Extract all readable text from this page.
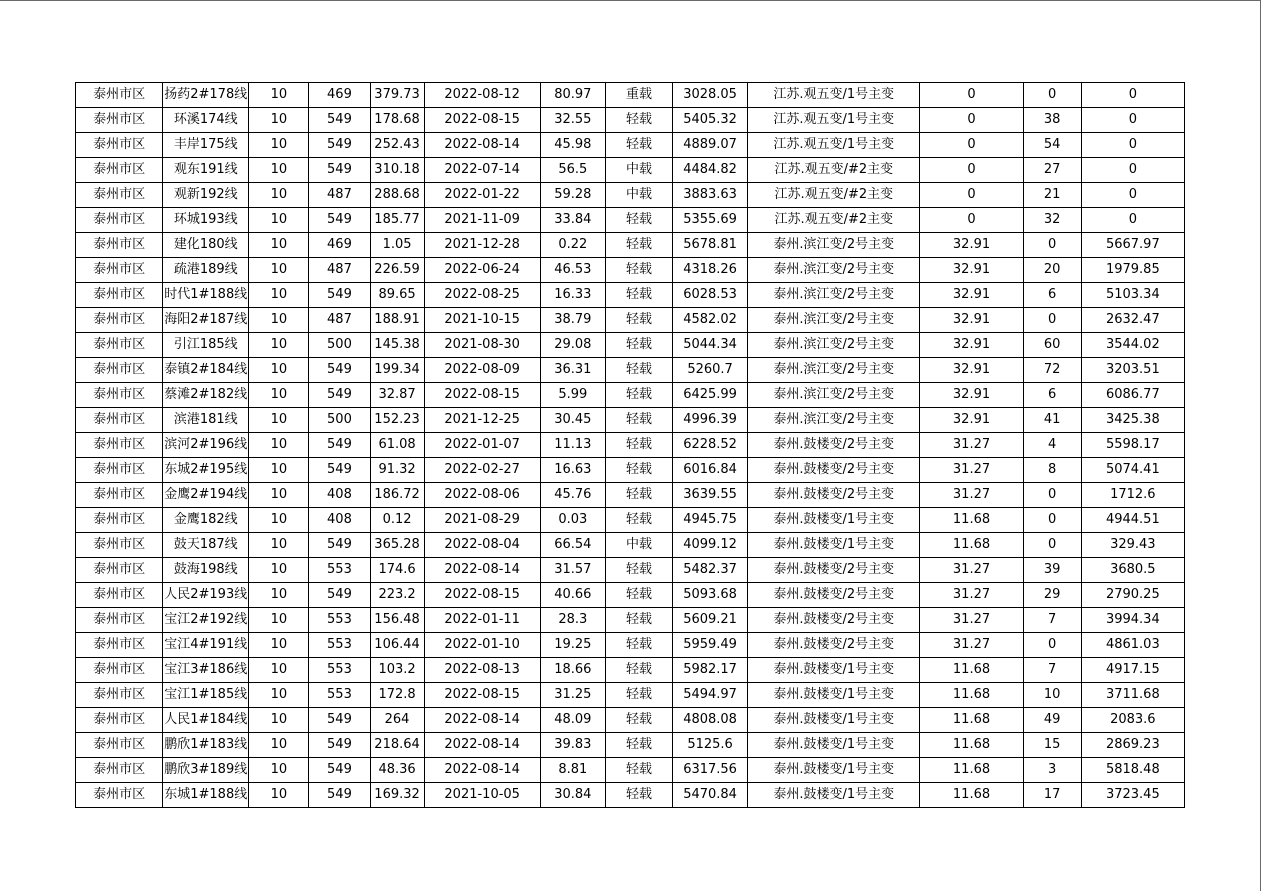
泰州市区	扬药2#178线	10	469	379.73	2022-08-12	80.97	重载	3028.05	江苏.观五变/1号主变	0	0	0
泰州市区	环溪174线	10	549	178.68	2022-08-15	32.55	轻载	5405.32	江苏.观五变/1号主变	0	38	0
泰州市区	丰岸175线	10	549	252.43	2022-08-14	45.98	轻载	4889.07	江苏.观五变/1号主变	0	54	0
泰州市区	观东191线	10	549	310.18	2022-07-14	56.5	中载	4484.82	江苏.观五变/#2主变	0	27	0
泰州市区	观新192线	10	487	288.68	2022-01-22	59.28	中载	3883.63	江苏.观五变/#2主变	0	21	0
泰州市区	环城193线	10	549	185.77	2021-11-09	33.84	轻载	5355.69	江苏.观五变/#2主变	0	32	0
泰州市区	建化180线	10	469	1.05	2021-12-28	0.22	轻载	5678.81	泰州.滨江变/2号主变	32.91	0	5667.97
泰州市区	疏港189线	10	487	226.59	2022-06-24	46.53	轻载	4318.26	泰州.滨江变/2号主变	32.91	20	1979.85
泰州市区	时代1#188线	10	549	89.65	2022-08-25	16.33	轻载	6028.53	泰州.滨江变/2号主变	32.91	6	5103.34
泰州市区	海阳2#187线	10	487	188.91	2021-10-15	38.79	轻载	4582.02	泰州.滨江变/2号主变	32.91	0	2632.47
泰州市区	引江185线	10	500	145.38	2021-08-30	29.08	轻载	5044.34	泰州.滨江变/2号主变	32.91	60	3544.02
泰州市区	泰镇2#184线	10	549	199.34	2022-08-09	36.31	轻载	5260.7	泰州.滨江变/2号主变	32.91	72	3203.51
泰州市区	蔡滩2#182线	10	549	32.87	2022-08-15	5.99	轻载	6425.99	泰州.滨江变/2号主变	32.91	6	6086.77
泰州市区	滨港181线	10	500	152.23	2021-12-25	30.45	轻载	4996.39	泰州.滨江变/2号主变	32.91	41	3425.38
泰州市区	滨河2#196线	10	549	61.08	2022-01-07	11.13	轻载	6228.52	泰州.鼓楼变/2号主变	31.27	4	5598.17
泰州市区	东城2#195线	10	549	91.32	2022-02-27	16.63	轻载	6016.84	泰州.鼓楼变/2号主变	31.27	8	5074.41
泰州市区	金鹰2#194线	10	408	186.72	2022-08-06	45.76	轻载	3639.55	泰州.鼓楼变/2号主变	31.27	0	1712.6
泰州市区	金鹰182线	10	408	0.12	2021-08-29	0.03	轻载	4945.75	泰州.鼓楼变/1号主变	11.68	0	4944.51
泰州市区	鼓天187线	10	549	365.28	2022-08-04	66.54	中载	4099.12	泰州.鼓楼变/1号主变	11.68	0	329.43
泰州市区	鼓海198线	10	553	174.6	2022-08-14	31.57	轻载	5482.37	泰州.鼓楼变/2号主变	31.27	39	3680.5
泰州市区	人民2#193线	10	549	223.2	2022-08-15	40.66	轻载	5093.68	泰州.鼓楼变/2号主变	31.27	29	2790.25
泰州市区	宝江2#192线	10	553	156.48	2022-01-11	28.3	轻载	5609.21	泰州.鼓楼变/2号主变	31.27	7	3994.34
泰州市区	宝江4#191线	10	553	106.44	2022-01-10	19.25	轻载	5959.49	泰州.鼓楼变/2号主变	31.27	0	4861.03
泰州市区	宝江3#186线	10	553	103.2	2022-08-13	18.66	轻载	5982.17	泰州.鼓楼变/1号主变	11.68	7	4917.15
泰州市区	宝江1#185线	10	553	172.8	2022-08-15	31.25	轻载	5494.97	泰州.鼓楼变/1号主变	11.68	10	3711.68
泰州市区	人民1#184线	10	549	264	2022-08-14	48.09	轻载	4808.08	泰州.鼓楼变/1号主变	11.68	49	2083.6
泰州市区	鹏欣1#183线	10	549	218.64	2022-08-14	39.83	轻载	5125.6	泰州.鼓楼变/1号主变	11.68	15	2869.23
泰州市区	鹏欣3#189线	10	549	48.36	2022-08-14	8.81	轻载	6317.56	泰州.鼓楼变/1号主变	11.68	3	5818.48
泰州市区	东城1#188线	10	549	169.32	2021-10-05	30.84	轻载	5470.84	泰州.鼓楼变/1号主变	11.68	17	3723.45
